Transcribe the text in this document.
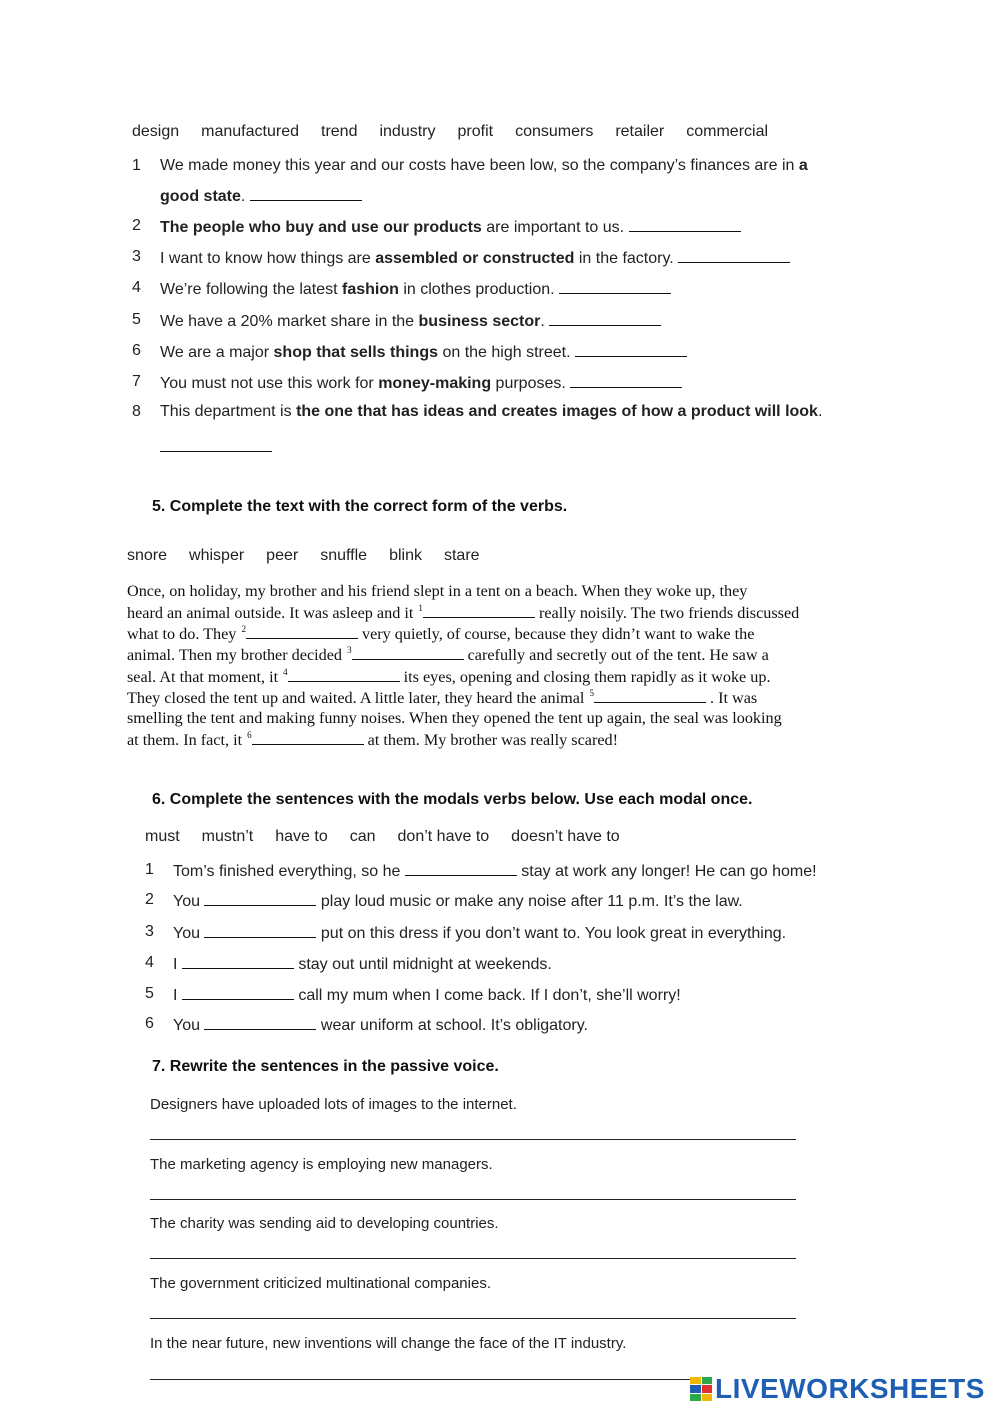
design manufactured trend industry profit consumers retailer commercial
1 We made money this year and our costs have been low, so the company’s finances are in a
good state.
2 The people who buy and use our products are important to us.
3 I want to know how things are assembled or constructed in the factory.
4 We’re following the latest fashion in clothes production.
5 We have a 20% market share in the business sector.
6 We are a major shop that sells things on the high street.
7 You must not use this work for money-making purposes.
8 This department is the one that has ideas and creates images of how a product will look.
5. Complete the text with the correct form of the verbs.
snore whisper peer snuffle blink stare
Once, on holiday, my brother and his friend slept in a tent on a beach. When they woke up, they
heard an animal outside. It was asleep and it $^1$	really noisily. The two friends discussed
what to do. They $^2$	very quietly, of course, because they didn’t want to wake the
animal. Then my brother decided $^3$	carefully and secretly out of the tent. He saw a
seal. At that moment, it $^4$	its eyes, opening and closing them rapidly as it woke up.
They closed the tent up and waited. A little later, they heard the animal $^5$	. It was
smelling the tent and making funny noises. When they opened the tent up again, the seal was looking
at them. In fact, it $^6$	at them. My brother was really scared!
6. Complete the sentences with the modals verbs below. Use each modal once.
must mustn’t have to can don’t have to doesn’t have to
1 Tom’s finished everything, so he	stay at work any longer! He can go home!
2 You	play loud music or make any noise after 11 p.m. It’s the law.
3 You	put on this dress if you don’t want to. You look great in everything.
4 I	stay out until midnight at weekends.
5 I	call my mum when I come back. If I don’t, she’ll worry!
6 You	wear uniform at school. It’s obligatory.
7. Rewrite the sentences in the passive voice.
Designers have uploaded lots of images to the internet.
The marketing agency is employing new managers.
The charity was sending aid to developing countries.
The government criticized multinational companies.
In the near future, new inventions will change the face of the IT industry.
LIVEWORKSHEETS
